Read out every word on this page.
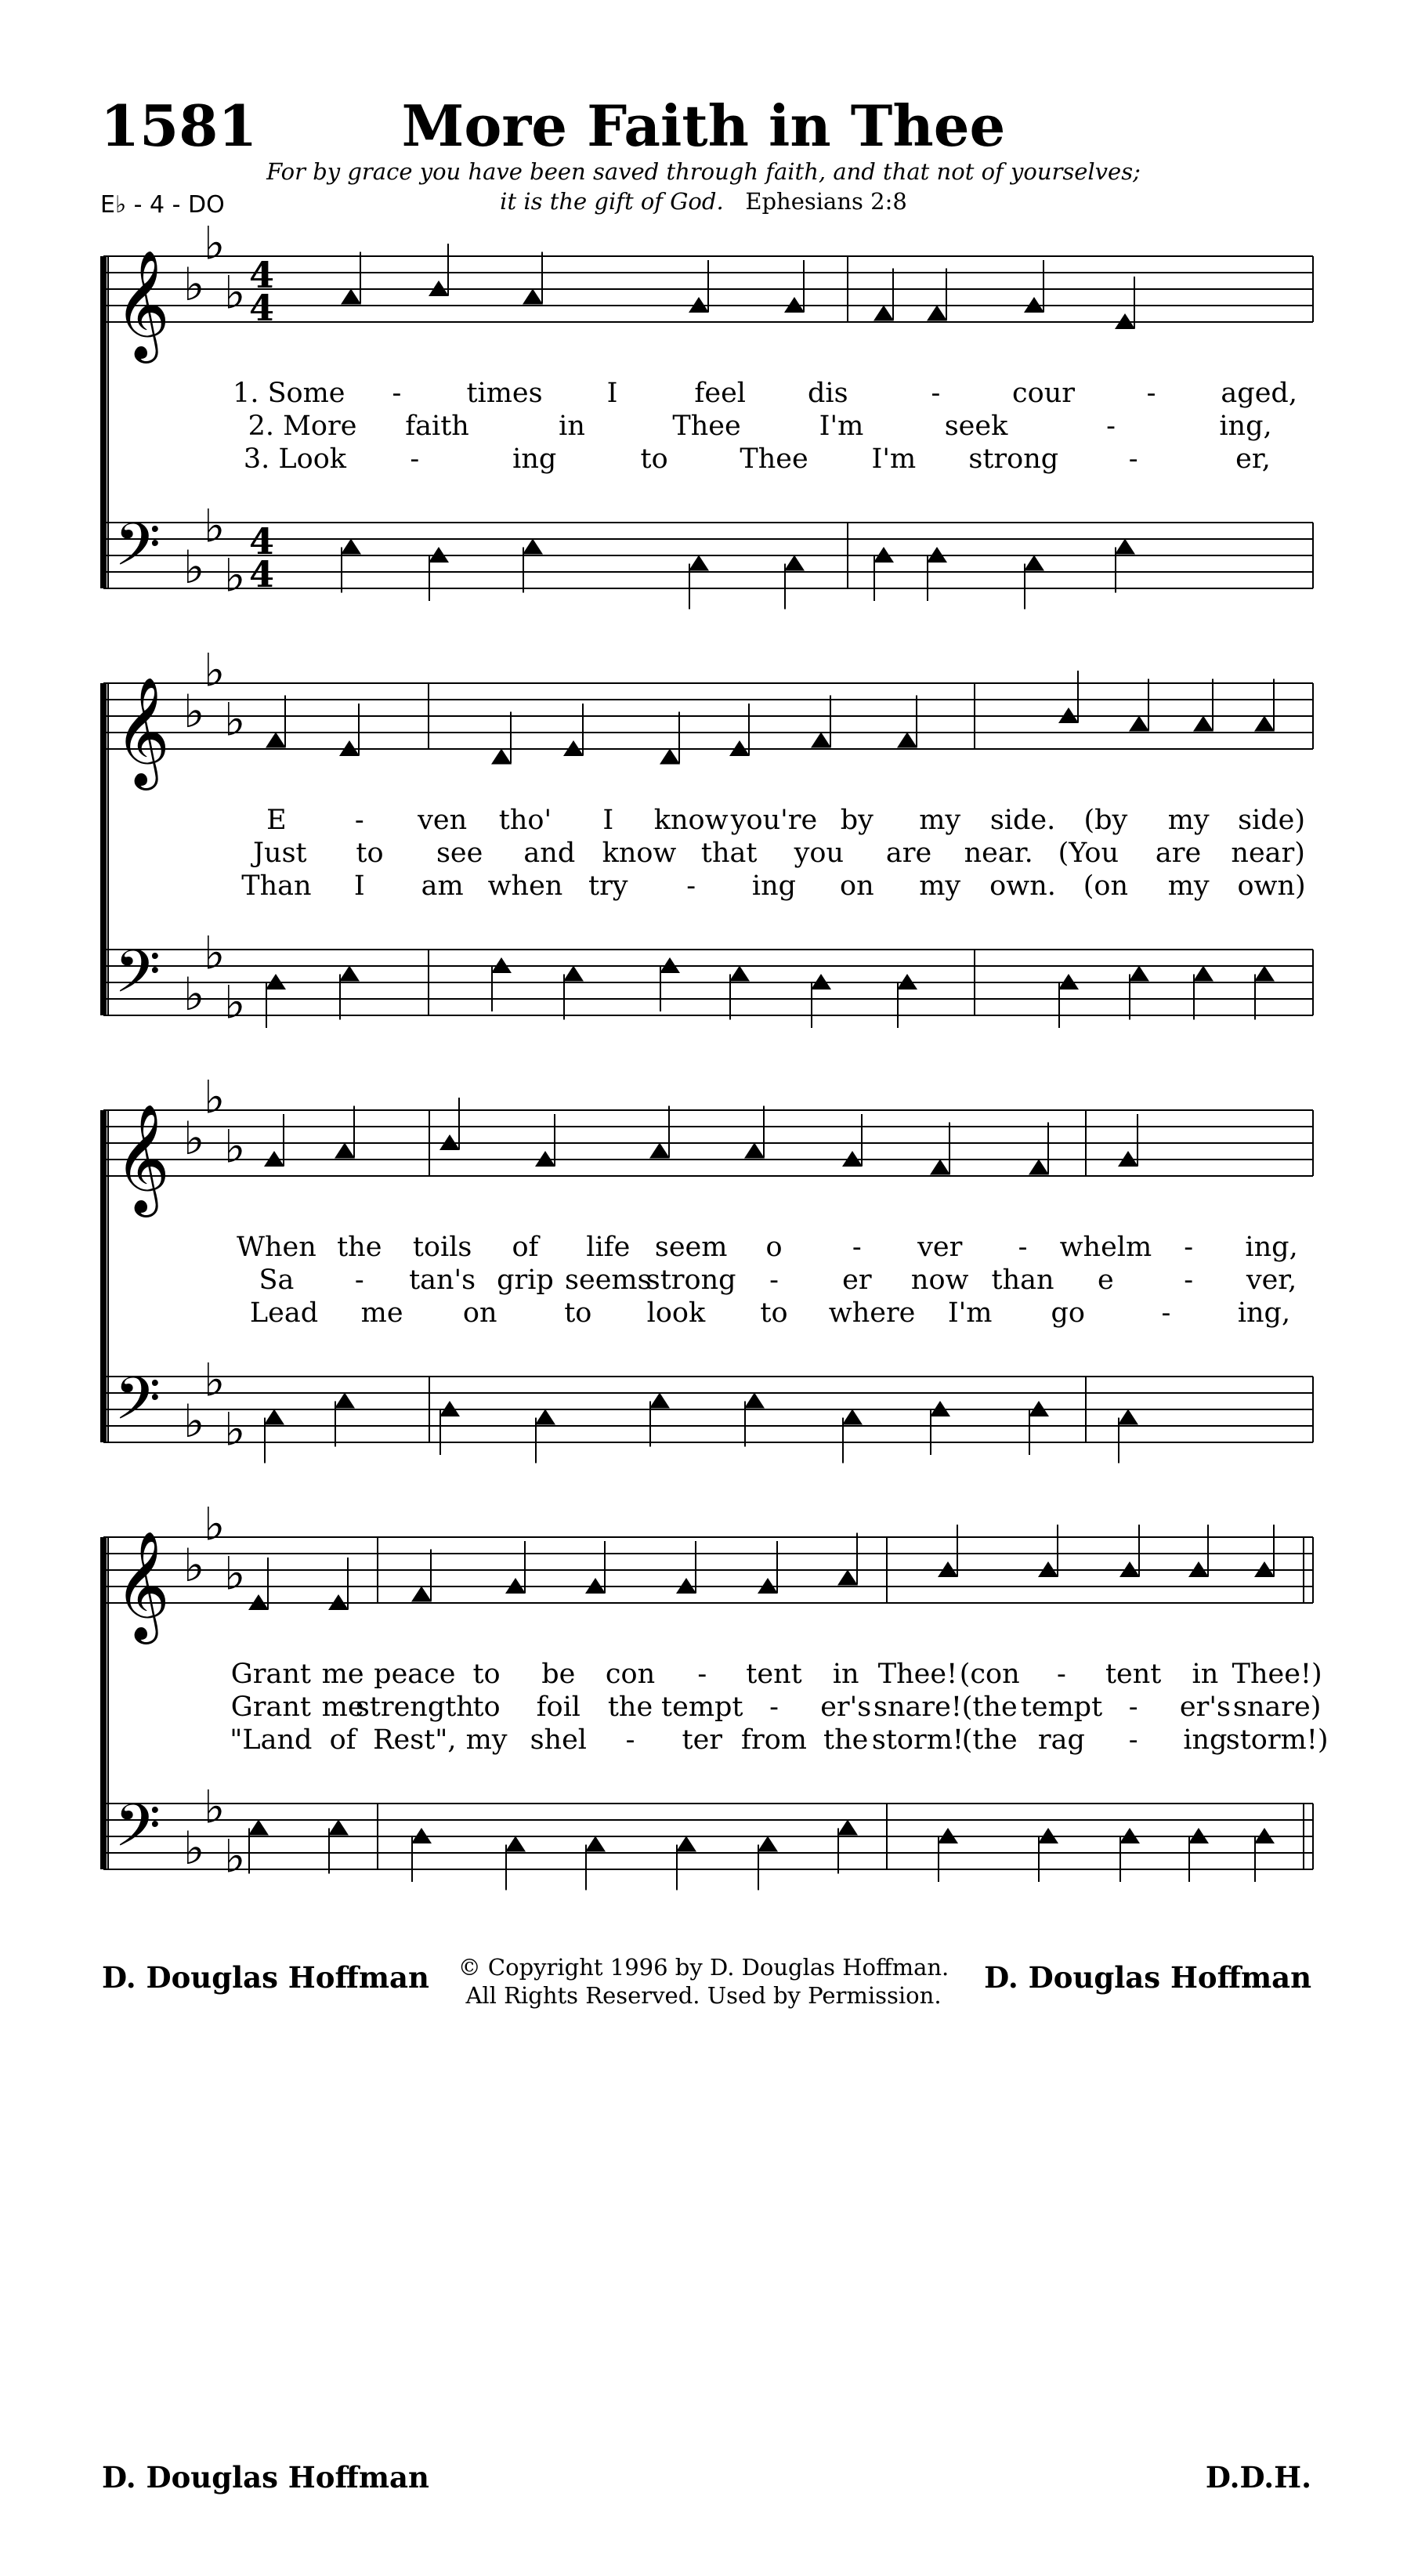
1581	More Faith in Thee
For by grace you have been saved through faith, and that not of yourselves;
it is the gift of God. Ephesians 2:8
E♭ - 4 - DO
𝄞
𝄢
♭
♭
♭
♭
♭
♭
4
4
4
4
𝄞
𝄢
♭
♭
♭
♭
♭
♭
𝄞
𝄢
♭
♭
♭
♭
♭
♭
𝄞
𝄢
♭
♭
♭
♭
♭
♭
1. Some - times I	feel dis	-	cour	- aged,
2. More faith	in	Thee	I'm	seek	-	ing,
3. Look -	ing	to	Thee I'm strong	-	er,
E - ven tho' I know you're by my side. (by my side)
Just to see and know that you are near. (You are near)
Than I am when try - ing on my own. (on my own)
When the toils of life seem o	- ver - whelm - ing,
Sa - tan's grip seems
strong - er now than e	- ver,
Lead me on to look to where I'm go	- ing,
Grant me peace to be con - tent in Thee! (con - tent in Thee!)
Grant me
strength
to foil the tempt - er's snare! (the tempt - er's snare)
"Land of Rest", my shel - ter from the storm!
(the rag - ing
storm!)
D. Douglas Hoffman	D. Douglas Hoffman
© Copyright 1996 by D. Douglas Hoffman.
All Rights Reserved. Used by Permission.
D. Douglas Hoffman	D.D.H.
